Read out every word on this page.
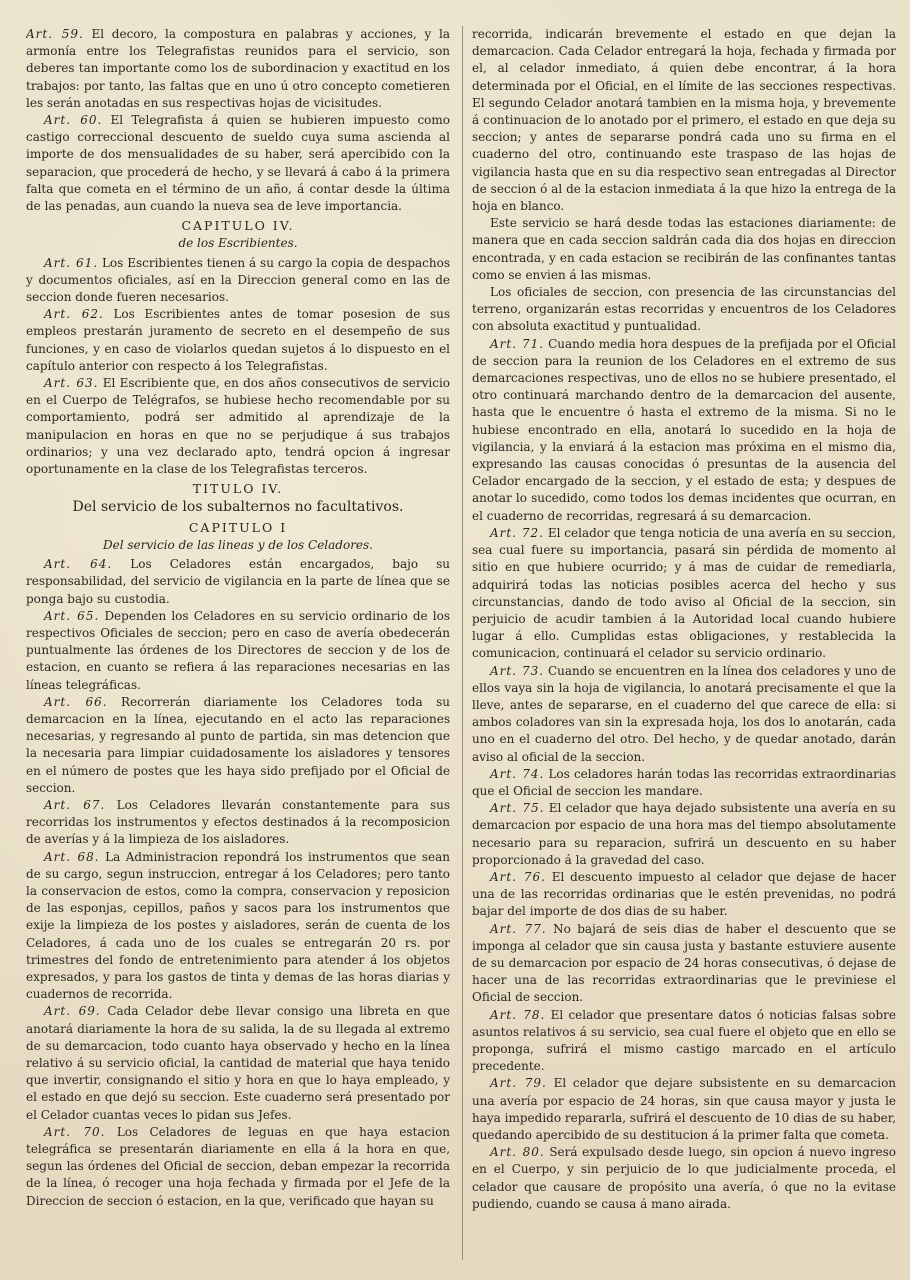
Art. 59. El decoro, la compostura en palabras y acciones, y la armonía entre los Telegrafistas reunidos para el servicio, son deberes tan importante como los de subordinacion y exactitud en los trabajos: por tanto, las faltas que en uno ú otro concepto cometieren les serán anotadas en sus respectivas hojas de vicisitudes.

Art. 60. El Telegrafista á quien se hubieren impuesto como castigo correccional descuento de sueldo cuya suma ascienda al importe de dos mensualidades de su haber, será apercibido con la separacion, que procederá de hecho, y se llevará á cabo á la primera falta que cometa en el término de un año, á contar desde la última de las penadas, aun cuando la nueva sea de leve importancia.

CAPITULO IV.

de los Escribientes.

Art. 61. Los Escribientes tienen á su cargo la copia de despachos y documentos oficiales, así en la Direccion general como en las de seccion donde fueren necesarios.

Art. 62. Los Escribientes antes de tomar posesion de sus empleos prestarán juramento de secreto en el desempeño de sus funciones, y en caso de violarlos quedan sujetos á lo dispuesto en el capítulo anterior con respecto á los Telegrafistas.

Art. 63. El Escribiente que, en dos años consecutivos de servicio en el Cuerpo de Telégrafos, se hubiese hecho recomendable por su comportamiento, podrá ser admitido al aprendizaje de la manipulacion en horas en que no se perjudique á sus trabajos ordinarios; y una vez declarado apto, tendrá opcion á ingresar oportunamente en la clase de los Telegrafistas terceros.

TITULO IV.

Del servicio de los subalternos no facultativos.

CAPITULO I

Del servicio de las lineas y de los Celadores.

Art. 64. Los Celadores están encargados, bajo su responsabilidad, del servicio de vigilancia en la parte de línea que se ponga bajo su custodia.

Art. 65. Dependen los Celadores en su servicio ordinario de los respectivos Oficiales de seccion; pero en caso de avería obedecerán puntualmente las órdenes de los Directores de seccion y de los de estacion, en cuanto se refiera á las reparaciones necesarias en las líneas telegráficas.

Art. 66. Recorrerán diariamente los Celadores toda su demarcacion en la línea, ejecutando en el acto las reparaciones necesarias, y regresando al punto de partida, sin mas detencion que la necesaria para limpiar cuidadosamente los aisladores y tensores en el número de postes que les haya sido prefijado por el Oficial de seccion.

Art. 67. Los Celadores llevarán constantemente para sus recorridas los instrumentos y efectos destinados á la recomposicion de averías y á la limpieza de los aisladores.

Art. 68. La Administracion repondrá los instrumentos que sean de su cargo, segun instruccion, entregar á los Celadores; pero tanto la conservacion de estos, como la compra, conservacion y reposicion de las esponjas, cepillos, paños y sacos para los instrumentos que exije la limpieza de los postes y aisladores, serán de cuenta de los Celadores, á cada uno de los cuales se entregarán 20 rs. por trimestres del fondo de entretenimiento para atender á los objetos expresados, y para los gastos de tinta y demas de las horas diarias y cuadernos de recorrida.

Art. 69. Cada Celador debe llevar consigo una libreta en que anotará diariamente la hora de su salida, la de su llegada al extremo de su demarcacion, todo cuanto haya observado y hecho en la línea relativo á su servicio oficial, la cantidad de material que haya tenido que invertir, consignando el sitio y hora en que lo haya empleado, y el estado en que dejó su seccion. Este cuaderno será presentado por el Celador cuantas veces lo pidan sus Jefes.

Art. 70. Los Celadores de leguas en que haya estacion telegráfica se presentarán diariamente en ella á la hora en que, segun las órdenes del Oficial de seccion, deban empezar la recorrida de la línea, ó recoger una hoja fechada y firmada por el Jefe de la Direccion de seccion ó estacion, en la que, verificado que hayan su

recorrida, indicarán brevemente el estado en que dejan la demarcacion. Cada Celador entregará la hoja, fechada y firmada por el, al celador inmediato, á quien debe encontrar, á la hora determinada por el Oficial, en el límite de las secciones respectivas. El segundo Celador anotará tambien en la misma hoja, y brevemente á continuacion de lo anotado por el primero, el estado en que deja su seccion; y antes de separarse pondrá cada uno su firma en el cuaderno del otro, continuando este traspaso de las hojas de vigilancia hasta que en su dia respectivo sean entregadas al Director de seccion ó al de la estacion inmediata á la que hizo la entrega de la hoja en blanco.

Este servicio se hará desde todas las estaciones diariamente: de manera que en cada seccion saldrán cada dia dos hojas en direccion encontrada, y en cada estacion se recibirán de las confinantes tantas como se envien á las mismas.

Los oficiales de seccion, con presencia de las circunstancias del terreno, organizarán estas recorridas y encuentros de los Celadores con absoluta exactitud y puntualidad.

Art. 71. Cuando media hora despues de la prefijada por el Oficial de seccion para la reunion de los Celadores en el extremo de sus demarcaciones respectivas, uno de ellos no se hubiere presentado, el otro continuará marchando dentro de la demarcacion del ausente, hasta que le encuentre ó hasta el extremo de la misma. Si no le hubiese encontrado en ella, anotará lo sucedido en la hoja de vigilancia, y la enviará á la estacion mas próxima en el mismo dia, expresando las causas conocidas ó presuntas de la ausencia del Celador encargado de la seccion, y el estado de esta; y despues de anotar lo sucedido, como todos los demas incidentes que ocurran, en el cuaderno de recorridas, regresará á su demarcacion.

Art. 72. El celador que tenga noticia de una avería en su seccion, sea cual fuere su importancia, pasará sin pérdida de momento al sitio en que hubiere ocurrido; y á mas de cuidar de remediarla, adquirirá todas las noticias posibles acerca del hecho y sus circunstancias, dando de todo aviso al Oficial de la seccion, sin perjuicio de acudir tambien á la Autoridad local cuando hubiere lugar á ello. Cumplidas estas obligaciones, y restablecida la comunicacion, continuará el celador su servicio ordinario.

Art. 73. Cuando se encuentren en la línea dos celadores y uno de ellos vaya sin la hoja de vigilancia, lo anotará precisamente el que la lleve, antes de separarse, en el cuaderno del que carece de ella: si ambos coladores van sin la expresada hoja, los dos lo anotarán, cada uno en el cuaderno del otro. Del hecho, y de quedar anotado, darán aviso al oficial de la seccion.

Art. 74. Los celadores harán todas las recorridas extraordinarias que el Oficial de seccion les mandare.

Art. 75. El celador que haya dejado subsistente una avería en su demarcacion por espacio de una hora mas del tiempo absolutamente necesario para su reparacion, sufrirá un descuento en su haber proporcionado á la gravedad del caso.

Art. 76. El descuento impuesto al celador que dejase de hacer una de las recorridas ordinarias que le estén prevenidas, no podrá bajar del importe de dos dias de su haber.

Art. 77. No bajará de seis dias de haber el descuento que se imponga al celador que sin causa justa y bastante estuviere ausente de su demarcacion por espacio de 24 horas consecutivas, ó dejase de hacer una de las recorridas extraordinarias que le previniese el Oficial de seccion.

Art. 78. El celador que presentare datos ó noticias falsas sobre asuntos relativos á su servicio, sea cual fuere el objeto que en ello se proponga, sufrirá el mismo castigo marcado en el artículo precedente.

Art. 79. El celador que dejare subsistente en su demarcacion una avería por espacio de 24 horas, sin que causa mayor y justa le haya impedido repararla, sufrirá el descuento de 10 dias de su haber, quedando apercibido de su destitucion á la primer falta que cometa.

Art. 80. Será expulsado desde luego, sin opcion á nuevo ingreso en el Cuerpo, y sin perjuicio de lo que judicialmente proceda, el celador que causare de propósito una avería, ó que no la evitase pudiendo, cuando se causa á mano airada.
